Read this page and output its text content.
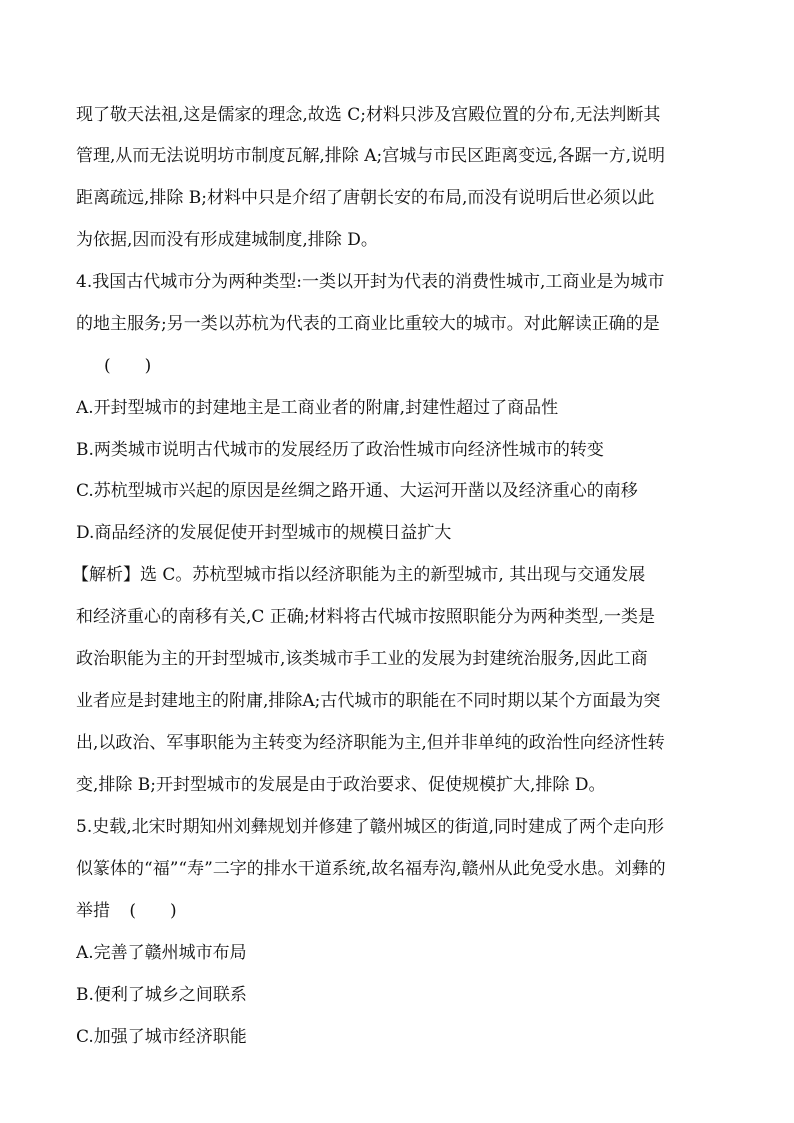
现了敬天法祖,这是儒家的理念,故选 C;材料只涉及宫殿位置的分布,无法判断其
管理,从而无法说明坊市制度瓦解,排除 A;宫城与市民区距离变远,各踞一方,说明
距离疏远,排除 B;材料中只是介绍了唐朝长安的布局,而没有说明后世必须以此
为依据,因而没有形成建城制度,排除 D。
4.我国古代城市分为两种类型:一类以开封为代表的消费性城市,工商业是为城市
的地主服务;另一类以苏杭为代表的工商业比重较大的城市。对此解读正确的是
(　　)
A.开封型城市的封建地主是工商业者的附庸,封建性超过了商品性
B.两类城市说明古代城市的发展经历了政治性城市向经济性城市的转变
C.苏杭型城市兴起的原因是丝绸之路开通、大运河开凿以及经济重心的南移
D.商品经济的发展促使开封型城市的规模日益扩大
【解析】选 C。苏杭型城市指以经济职能为主的新型城市, 其出现与交通发展
和经济重心的南移有关,C 正确;材料将古代城市按照职能分为两种类型,一类是
政治职能为主的开封型城市,该类城市手工业的发展为封建统治服务,因此工商
业者应是封建地主的附庸,排除A;古代城市的职能在不同时期以某个方面最为突
出,以政治、军事职能为主转变为经济职能为主,但并非单纯的政治性向经济性转
变,排除 B;开封型城市的发展是由于政治要求、促使规模扩大,排除 D。
5.史载,北宋时期知州刘彝规划并修建了赣州城区的街道,同时建成了两个走向形
似篆体的“福”“寿”二字的排水干道系统,故名福寿沟,赣州从此免受水患。刘彝的
举措 (　　)
A.完善了赣州城市布局
B.便利了城乡之间联系
C.加强了城市经济职能
